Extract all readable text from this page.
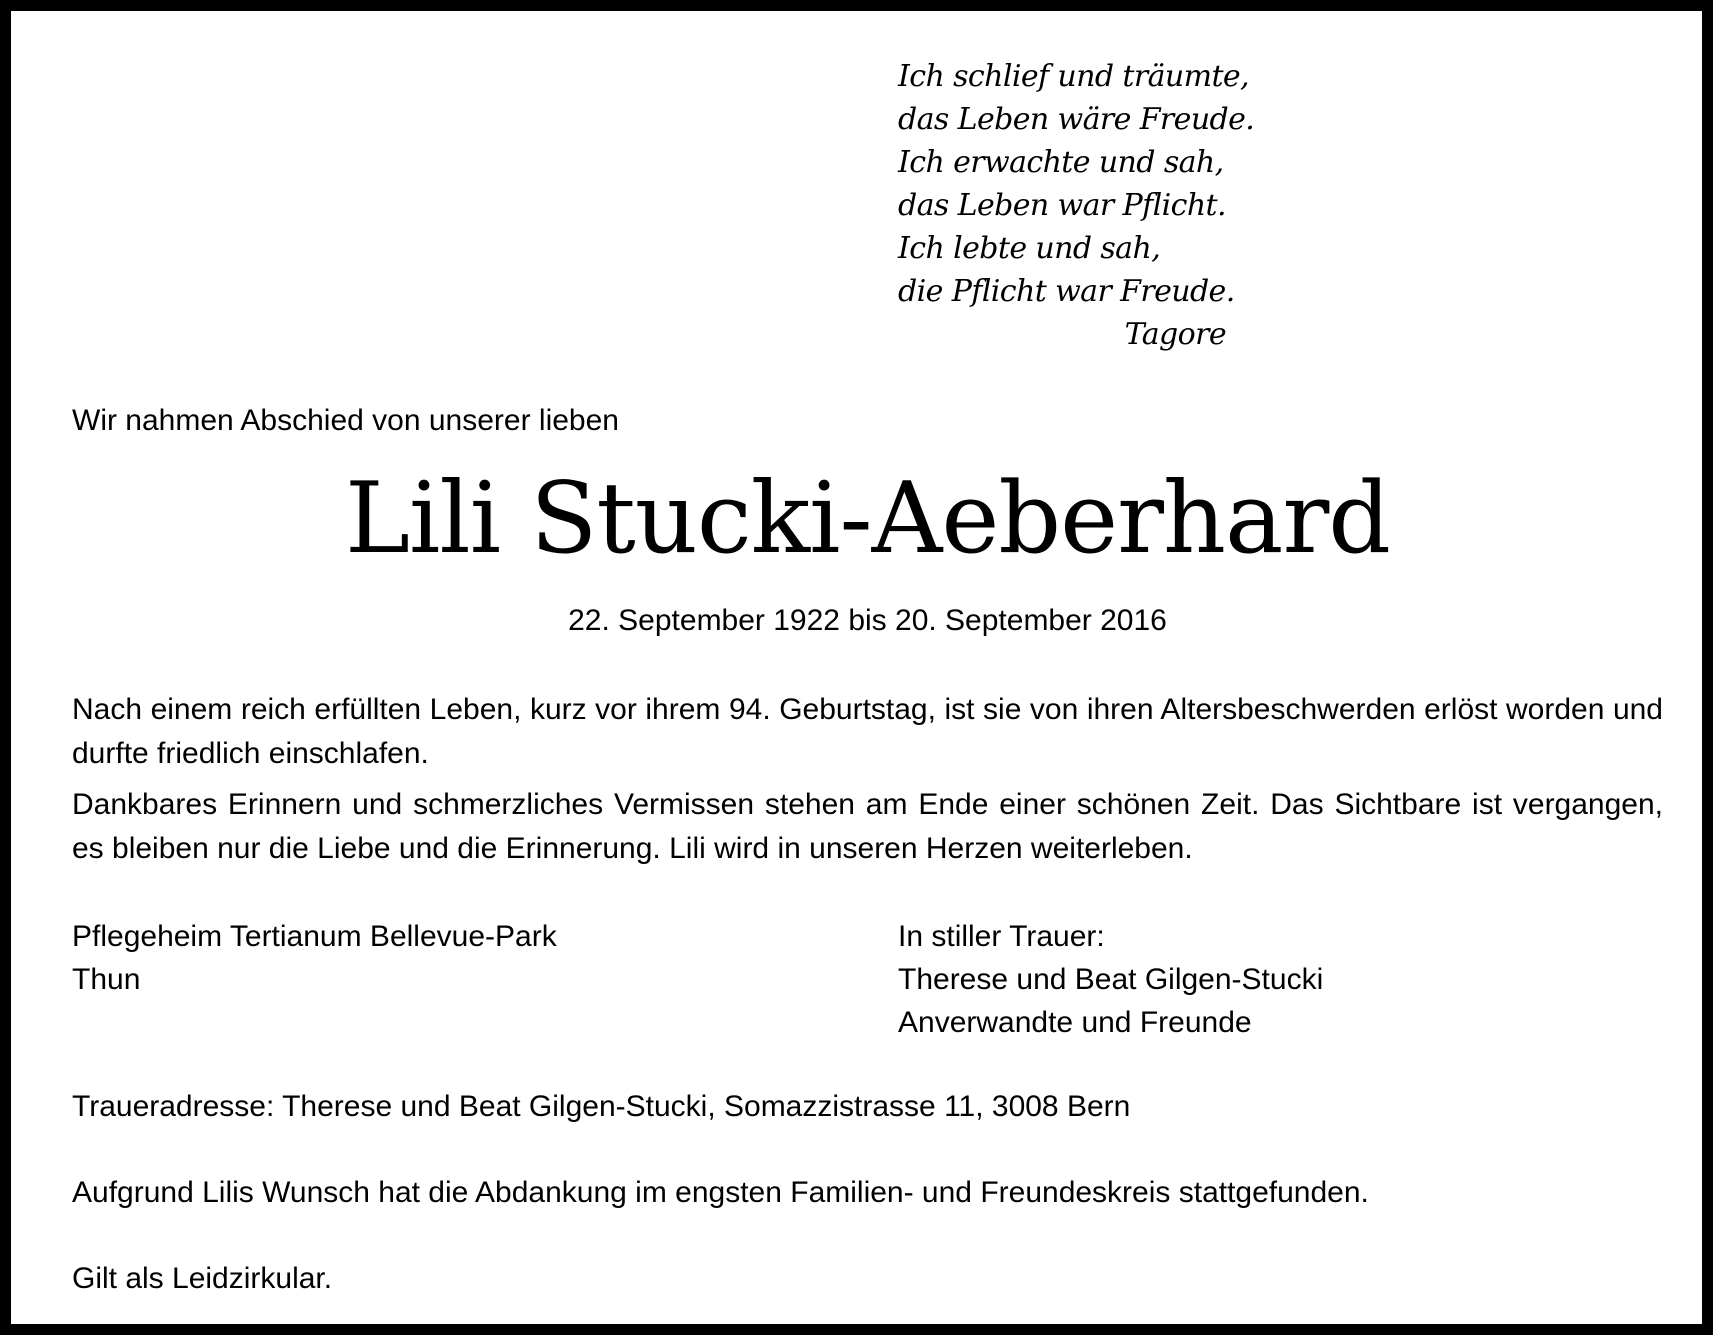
Ich schlief und träumte,
das Leben wäre Freude.
Ich erwachte und sah,
das Leben war Pflicht.
Ich lebte und sah,
die Pflicht war Freude.
Tagore
Wir nahmen Abschied von unserer lieben
Lili Stucki-Aeberhard
22. September 1922 bis 20. September 2016
Nach einem reich erfüllten Leben, kurz vor ihrem 94. Geburtstag, ist sie von ihren Altersbeschwerden erlöst worden und durfte friedlich einschlafen.
Dankbares Erinnern und schmerzliches Vermissen stehen am Ende einer schönen Zeit. Das Sichtbare ist vergangen, es bleiben nur die Liebe und die Erinnerung. Lili wird in unseren Herzen weiterleben.
Pflegeheim Tertianum Bellevue-Park
Thun
In stiller Trauer:
Therese und Beat Gilgen-Stucki
Anverwandte und Freunde
Traueradresse: Therese und Beat Gilgen-Stucki, Somazzistrasse 11, 3008 Bern
Aufgrund Lilis Wunsch hat die Abdankung im engsten Familien- und Freundeskreis stattgefunden.
Gilt als Leidzirkular.
